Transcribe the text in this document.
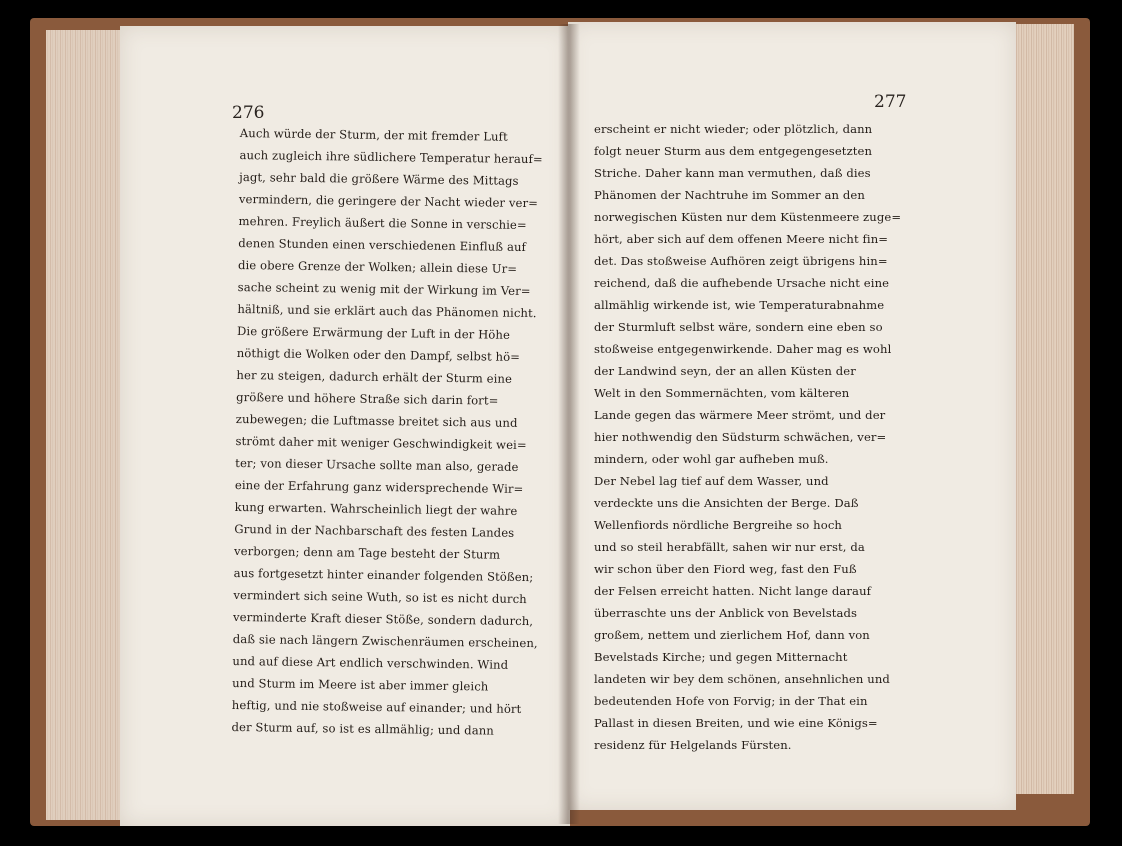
276
277
Auch würde der Sturm, der mit fremder Luft
auch zugleich ihre südlichere Temperatur herauf=
jagt, sehr bald die größere Wärme des Mittags
vermindern, die geringere der Nacht wieder ver=
mehren. Freylich äußert die Sonne in verschie=
denen Stunden einen verschiedenen Einfluß auf
die obere Grenze der Wolken; allein diese Ur=
sache scheint zu wenig mit der Wirkung im Ver=
hältniß, und sie erklärt auch das Phänomen nicht.
Die größere Erwärmung der Luft in der Höhe
nöthigt die Wolken oder den Dampf, selbst hö=
her zu steigen, dadurch erhält der Sturm eine
größere und höhere Straße sich darin fort=
zubewegen; die Luftmasse breitet sich aus und
strömt daher mit weniger Geschwindigkeit wei=
ter; von dieser Ursache sollte man also, gerade
eine der Erfahrung ganz widersprechende Wir=
kung erwarten. Wahrscheinlich liegt der wahre
Grund in der Nachbarschaft des festen Landes
verborgen; denn am Tage besteht der Sturm
aus fortgesetzt hinter einander folgenden Stößen;
vermindert sich seine Wuth, so ist es nicht durch
verminderte Kraft dieser Stöße, sondern dadurch,
daß sie nach längern Zwischenräumen erscheinen,
und auf diese Art endlich verschwinden. Wind
und Sturm im Meere ist aber immer gleich
heftig, und nie stoßweise auf einander; und hört
der Sturm auf, so ist es allmählig; und dann
erscheint er nicht wieder; oder plötzlich, dann
folgt neuer Sturm aus dem entgegengesetzten
Striche. Daher kann man vermuthen, daß dies
Phänomen der Nachtruhe im Sommer an den
norwegischen Küsten nur dem Küstenmeere zuge=
hört, aber sich auf dem offenen Meere nicht fin=
det. Das stoßweise Aufhören zeigt übrigens hin=
reichend, daß die aufhebende Ursache nicht eine
allmählig wirkende ist, wie Temperaturabnahme
der Sturmluft selbst wäre, sondern eine eben so
stoßweise entgegenwirkende. Daher mag es wohl
der Landwind seyn, der an allen Küsten der
Welt in den Sommernächten, vom kälteren
Lande gegen das wärmere Meer strömt, und der
hier nothwendig den Südsturm schwächen, ver=
mindern, oder wohl gar aufheben muß.
Der Nebel lag tief auf dem Wasser, und
verdeckte uns die Ansichten der Berge. Daß
Wellenfiords nördliche Bergreihe so hoch
und so steil herabfällt, sahen wir nur erst, da
wir schon über den Fiord weg, fast den Fuß
der Felsen erreicht hatten. Nicht lange darauf
überraschte uns der Anblick von Bevelstads
großem, nettem und zierlichem Hof, dann von
Bevelstads Kirche; und gegen Mitternacht
landeten wir bey dem schönen, ansehnlichen und
bedeutenden Hofe von Forvig; in der That ein
Pallast in diesen Breiten, und wie eine Königs=
residenz für Helgelands Fürsten.
